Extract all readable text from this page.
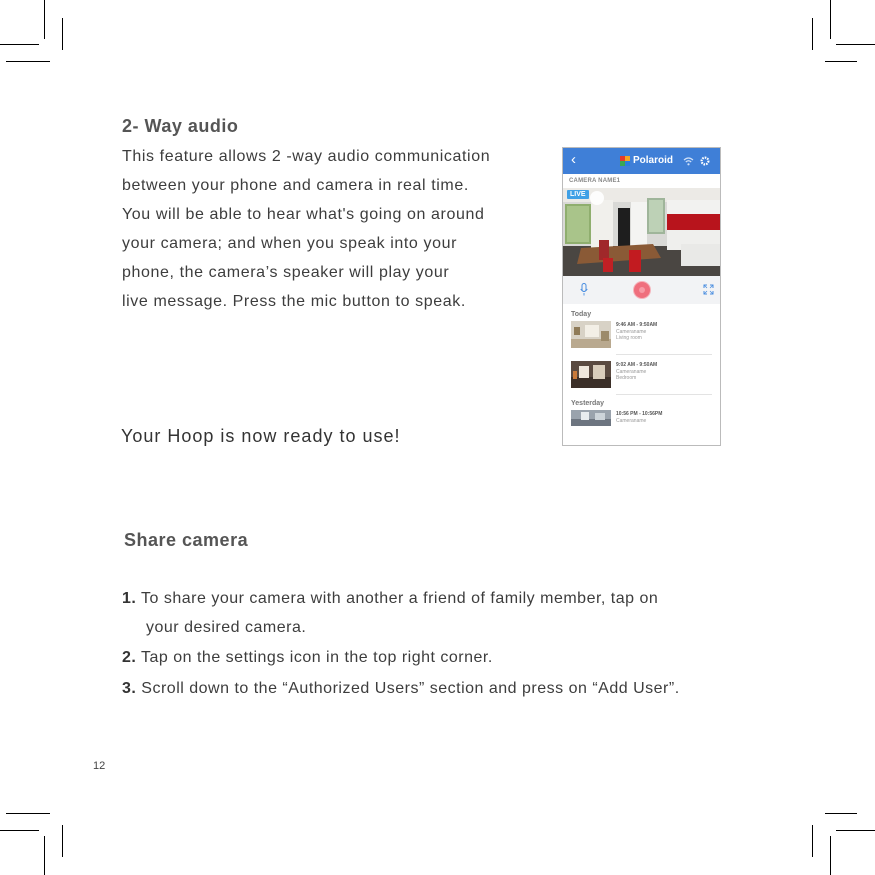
2- Way audio
This feature allows 2 -way audio communication
between your phone and camera in real time.
You will be able to hear what's going on around
your camera; and when you speak into your
phone, the camera’s speaker will play your
live message. Press the mic button to speak.
Your Hoop is now ready to use!
Share camera
1. To share your camera with another a friend of family member, tap on
your desired camera.
2. Tap on the settings icon in the top right corner.
3. Scroll down to the “Authorized Users” section and press on “Add User”.
12
‹	Polaroid
CAMERA NAME1
LIVE
Today
9:46 AM - 9:50AM
Cameraname
Living room
9:02 AM - 9:50AM
Cameraname
Bedroom
Yesterday
10:56 PM - 10:56PM
Cameraname
